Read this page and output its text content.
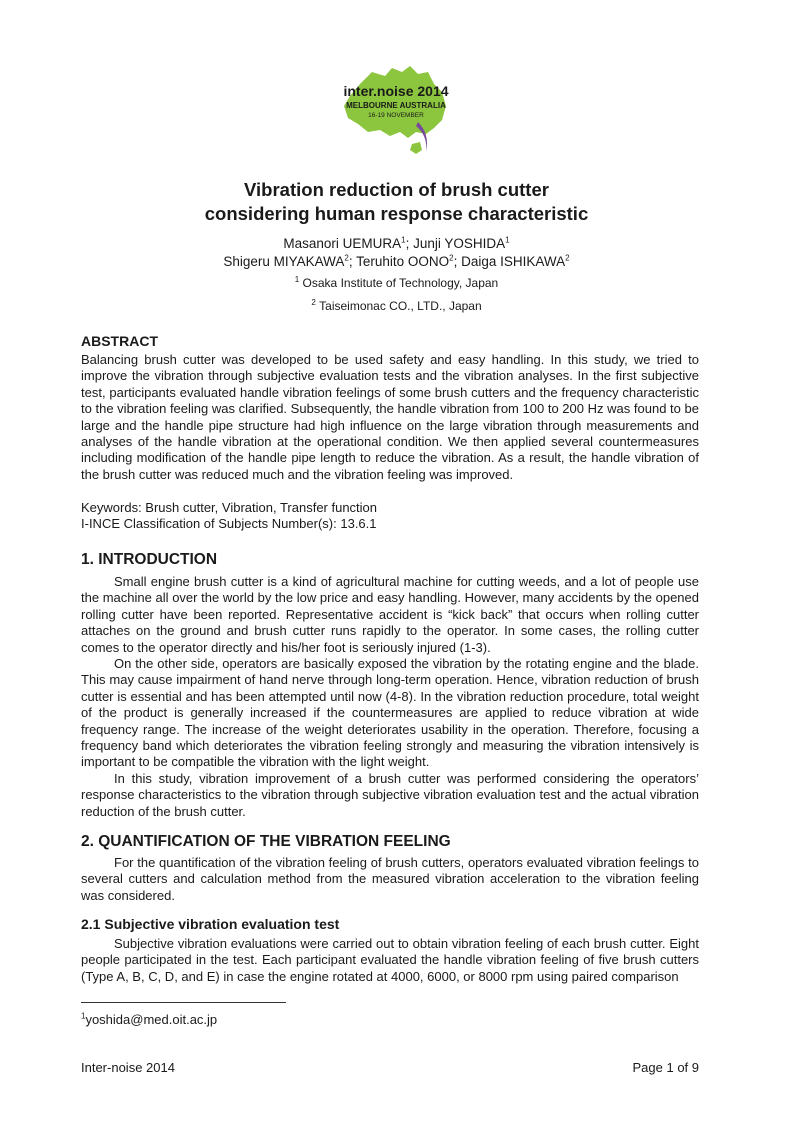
inter.noise 2014
MELBOURNE AUSTRALIA
16-19 NOVEMBER
Vibration reduction of brush cutter
considering human response characteristic
Masanori UEMURA$^1$; Junji YOSHIDA$^1$
Shigeru MIYAKAWA$^2$; Teruhito OONO$^2$; Daiga ISHIKAWA$^2$
$^1$ Osaka Institute of Technology, Japan
$^2$ Taiseimonac CO., LTD., Japan
ABSTRACT

Balancing brush cutter was developed to be used safety and easy handling. In this study, we tried to improve the vibration through subjective evaluation tests and the vibration analyses. In the first subjective test, participants evaluated handle vibration feelings of some brush cutters and the frequency characteristic to the vibration feeling was clarified. Subsequently, the handle vibration from 100 to 200 Hz was found to be large and the handle pipe structure had high influence on the large vibration through measurements and analyses of the handle vibration at the operational condition. We then applied several countermeasures including modification of the handle pipe length to reduce the vibration. As a result, the handle vibration of the brush cutter was reduced much and the vibration feeling was improved.

Keywords: Brush cutter, Vibration, Transfer function

I-INCE Classification of Subjects Number(s): 13.6.1

1. INTRODUCTION

Small engine brush cutter is a kind of agricultural machine for cutting weeds, and a lot of people use the machine all over the world by the low price and easy handling. However, many accidents by the opened rolling cutter have been reported. Representative accident is “kick back” that occurs when rolling cutter attaches on the ground and brush cutter runs rapidly to the operator. In some cases, the rolling cutter comes to the operator directly and his/her foot is seriously injured (1-3).

On the other side, operators are basically exposed the vibration by the rotating engine and the blade. This may cause impairment of hand nerve through long-term operation. Hence, vibration reduction of brush cutter is essential and has been attempted until now (4-8). In the vibration reduction procedure, total weight of the product is generally increased if the countermeasures are applied to reduce vibration at wide frequency range. The increase of the weight deteriorates usability in the operation. Therefore, focusing a frequency band which deteriorates the vibration feeling strongly and measuring the vibration intensively is important to be compatible the vibration with the light weight.

In this study, vibration improvement of a brush cutter was performed considering the operators’ response characteristics to the vibration through subjective vibration evaluation test and the actual vibration reduction of the brush cutter.

2. QUANTIFICATION OF THE VIBRATION FEELING

For the quantification of the vibration feeling of brush cutters, operators evaluated vibration feelings to several cutters and calculation method from the measured vibration acceleration to the vibration feeling was considered.

2.1 Subjective vibration evaluation test

Subjective vibration evaluations were carried out to obtain vibration feeling of each brush cutter. Eight people participated in the test. Each participant evaluated the handle vibration feeling of five brush cutters (Type A, B, C, D, and E) in case the engine rotated at 4000, 6000, or 8000 rpm using paired comparison

$^1$yoshida@med.oit.ac.jp
Inter-noise 2014	Page 1 of 9
